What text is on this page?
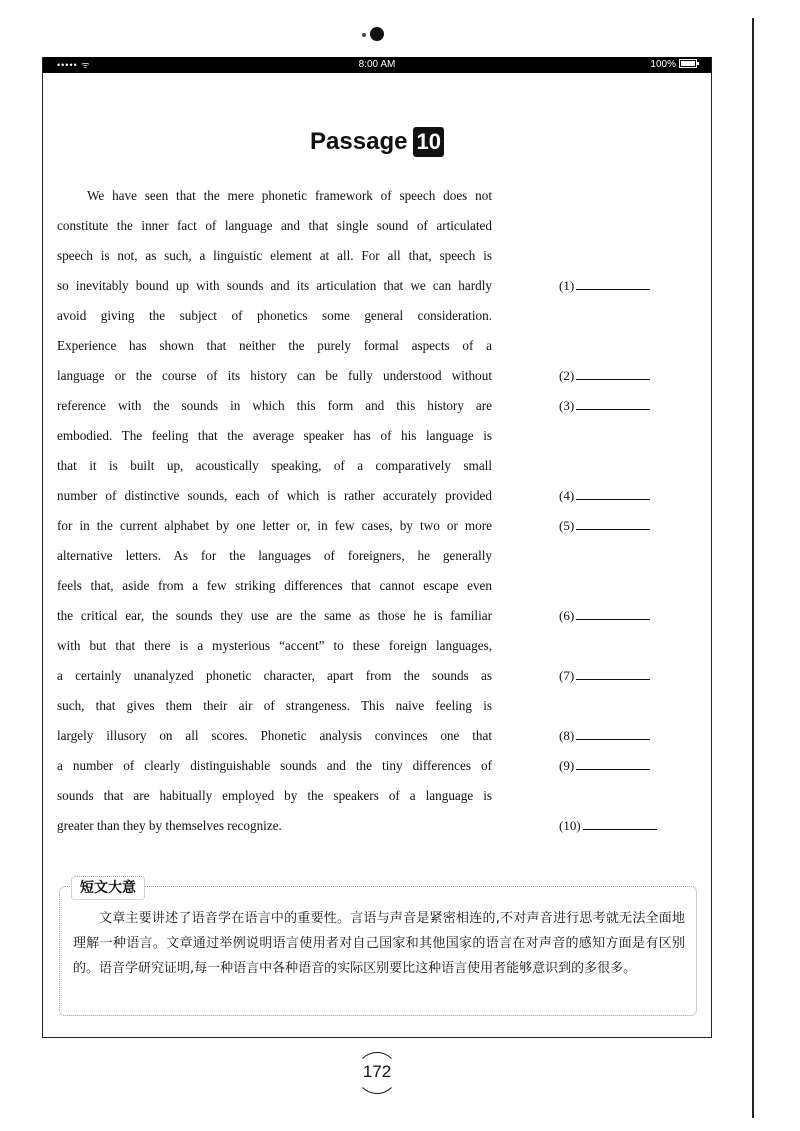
••••• ᯤ	8:00 AM	100%
Passage 10
We have seen that the mere phonetic framework of speech does not
constitute the inner fact of language and that single sound of articulated
speech is not, as such, a linguistic element at all. For all that, speech is
so inevitably bound up with sounds and its articulation that we can hardly
avoid giving the subject of phonetics some general consideration.
Experience has shown that neither the purely formal aspects of a
language or the course of its history can be fully understood without
reference with the sounds in which this form and this history are
embodied. The feeling that the average speaker has of his language is
that it is built up, acoustically speaking, of a comparatively small
number of distinctive sounds, each of which is rather accurately provided
for in the current alphabet by one letter or, in few cases, by two or more
alternative letters. As for the languages of foreigners, he generally
feels that, aside from a few striking differences that cannot escape even
the critical ear, the sounds they use are the same as those he is familiar
with but that there is a mysterious “accent” to these foreign languages,
a certainly unanalyzed phonetic character, apart from the sounds as
such, that gives them their air of strangeness. This naive feeling is
largely illusory on all scores. Phonetic analysis convinces one that
a number of clearly distinguishable sounds and the tiny differences of
sounds that are habitually employed by the speakers of a language is
greater than they by themselves recognize.
(1)
(2)
(3)
(4)
(5)
(6)
(7)
(8)
(9)
(10)
短文大意
文章主要讲述了语音学在语言中的重要性。言语与声音是紧密相连的,不对声音进行思考就无法全面地理解一种语言。文章通过举例说明语言使用者对自己国家和其他国家的语言在对声音的感知方面是有区别的。语音学研究证明,每一种语言中各种语音的实际区别要比这种语言使用者能够意识到的多很多。
172
